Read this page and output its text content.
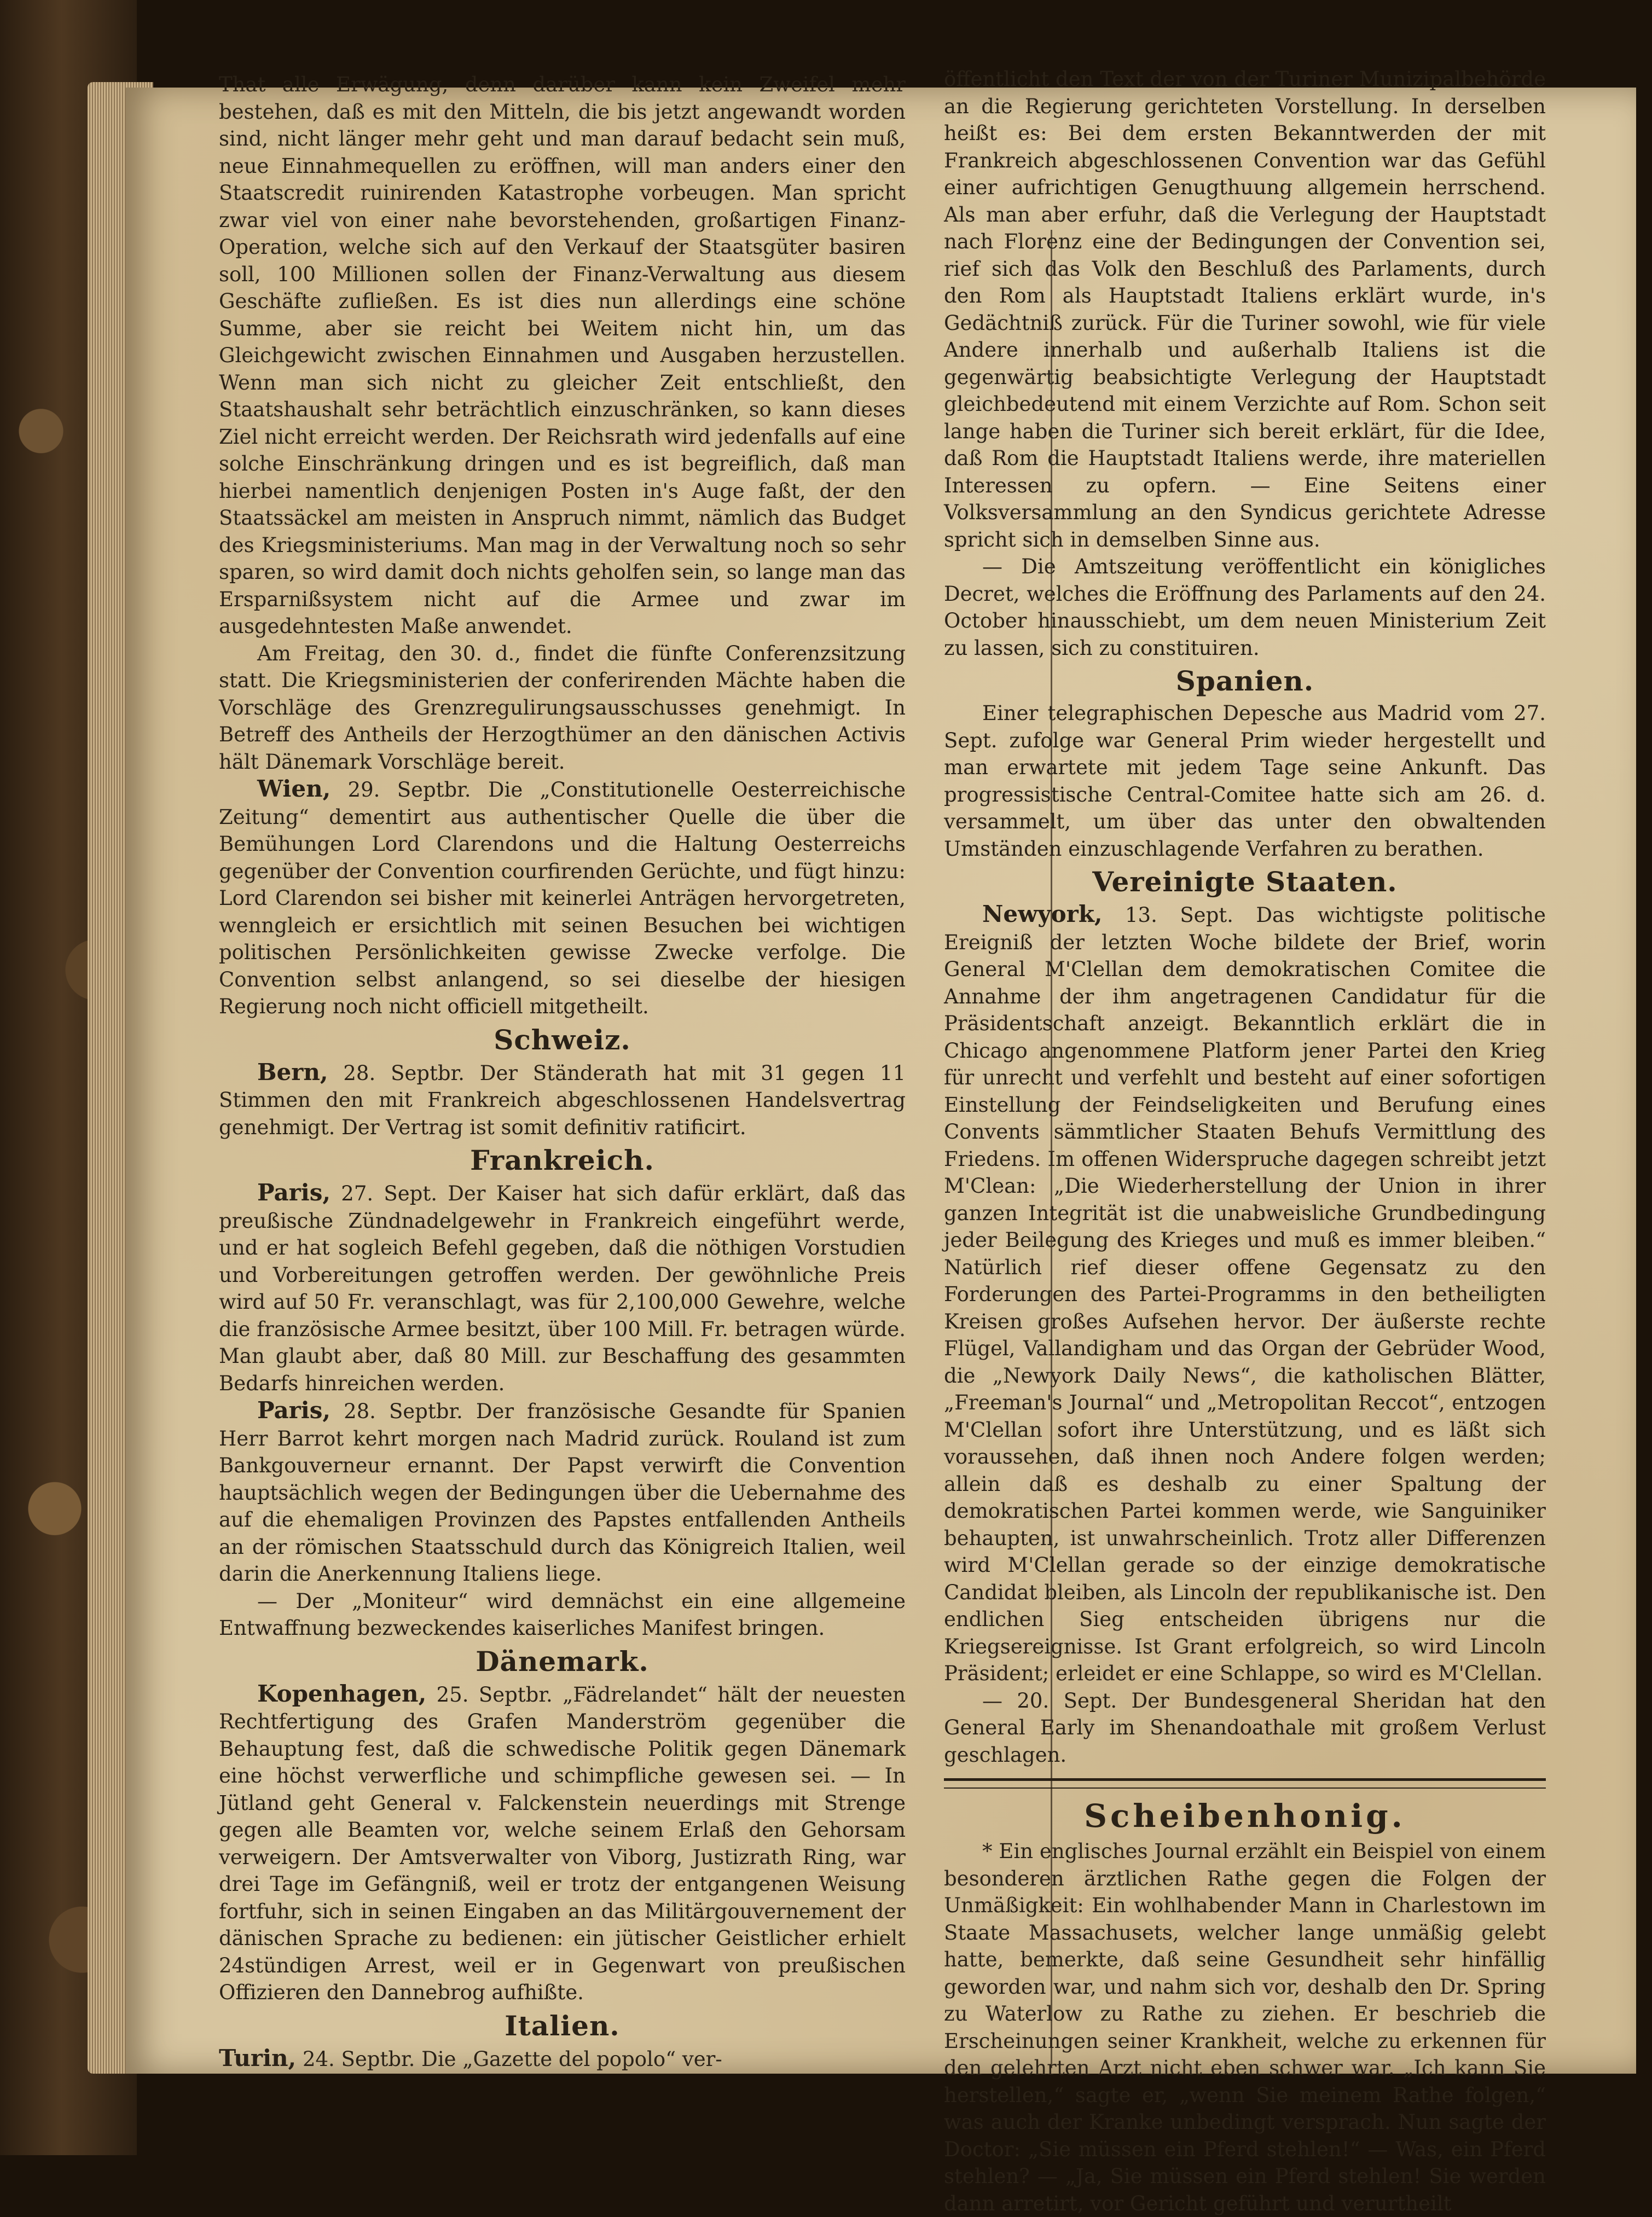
That alle Erwägung, denn darüber kann kein Zweifel mehr bestehen, daß es mit den Mitteln, die bis jetzt angewandt worden sind, nicht länger mehr geht und man darauf bedacht sein muß, neue Einnahmequellen zu eröffnen, will man anders einer den Staatscredit ruinirenden Katastrophe vorbeugen. Man spricht zwar viel von einer nahe bevorstehenden, großartigen Finanz-Operation, welche sich auf den Verkauf der Staatsgüter basiren soll, 100 Millionen sollen der Finanz-Verwaltung aus diesem Geschäfte zufließen. Es ist dies nun allerdings eine schöne Summe, aber sie reicht bei Weitem nicht hin, um das Gleichgewicht zwischen Einnahmen und Ausgaben herzustellen. Wenn man sich nicht zu gleicher Zeit entschließt, den Staatshaushalt sehr beträchtlich einzuschränken, so kann dieses Ziel nicht erreicht werden. Der Reichsrath wird jedenfalls auf eine solche Einschränkung dringen und es ist begreiflich, daß man hierbei namentlich denjenigen Posten in's Auge faßt, der den Staatssäckel am meisten in Anspruch nimmt, nämlich das Budget des Kriegsministeriums. Man mag in der Verwaltung noch so sehr sparen, so wird damit doch nichts geholfen sein, so lange man das Ersparnißsystem nicht auf die Armee und zwar im ausgedehntesten Maße anwendet.

Am Freitag, den 30. d., findet die fünfte Conferenzsitzung statt. Die Kriegsministerien der conferirenden Mächte haben die Vorschläge des Grenzregulirungsausschusses genehmigt. In Betreff des Antheils der Herzogthümer an den dänischen Activis hält Dänemark Vorschläge bereit.

Wien, 29. Septbr. Die „Constitutionelle Oesterreichische Zeitung“ dementirt aus authentischer Quelle die über die Bemühungen Lord Clarendons und die Haltung Oesterreichs gegenüber der Convention courfirenden Gerüchte, und fügt hinzu: Lord Clarendon sei bisher mit keinerlei Anträgen hervorgetreten, wenngleich er ersichtlich mit seinen Besuchen bei wichtigen politischen Persönlichkeiten gewisse Zwecke verfolge. Die Convention selbst anlangend, so sei dieselbe der hiesigen Regierung noch nicht officiell mitgetheilt.

Schweiz.

Bern, 28. Septbr. Der Ständerath hat mit 31 gegen 11 Stimmen den mit Frankreich abgeschlossenen Handelsvertrag genehmigt. Der Vertrag ist somit definitiv ratificirt.

Frankreich.

Paris, 27. Sept. Der Kaiser hat sich dafür erklärt, daß das preußische Zündnadelgewehr in Frankreich eingeführt werde, und er hat sogleich Befehl gegeben, daß die nöthigen Vorstudien und Vorbereitungen getroffen werden. Der gewöhnliche Preis wird auf 50 Fr. veranschlagt, was für 2,100,000 Gewehre, welche die französische Armee besitzt, über 100 Mill. Fr. betragen würde. Man glaubt aber, daß 80 Mill. zur Beschaffung des gesammten Bedarfs hinreichen werden.

Paris, 28. Septbr. Der französische Gesandte für Spanien Herr Barrot kehrt morgen nach Madrid zurück. Rouland ist zum Bankgouverneur ernannt. Der Papst verwirft die Convention hauptsächlich wegen der Bedingungen über die Uebernahme des auf die ehemaligen Provinzen des Papstes entfallenden Antheils an der römischen Staatsschuld durch das Königreich Italien, weil darin die Anerkennung Italiens liege.

— Der „Moniteur“ wird demnächst ein eine allgemeine Entwaffnung bezweckendes kaiserliches Manifest bringen.

Dänemark.

Kopenhagen, 25. Septbr. „Fädrelandet“ hält der neuesten Rechtfertigung des Grafen Manderström gegenüber die Behauptung fest, daß die schwedische Politik gegen Dänemark eine höchst verwerfliche und schimpfliche gewesen sei. — In Jütland geht General v. Falckenstein neuerdings mit Strenge gegen alle Beamten vor, welche seinem Erlaß den Gehorsam verweigern. Der Amtsverwalter von Viborg, Justizrath Ring, war drei Tage im Gefängniß, weil er trotz der entgangenen Weisung fortfuhr, sich in seinen Eingaben an das Militärgouvernement der dänischen Sprache zu bedienen: ein jütischer Geistlicher erhielt 24stündigen Arrest, weil er in Gegenwart von preußischen Offizieren den Dannebrog aufhißte.

Italien.

Turin, 24. Septbr. Die „Gazette del popolo“ ver-

öffentlicht den Text der von der Turiner Munizipalbehörde an die Regierung gerichteten Vorstellung. In derselben heißt es: Bei dem ersten Bekanntwerden der mit Frankreich abgeschlossenen Convention war das Gefühl einer aufrichtigen Genugthuung allgemein herrschend. Als man aber erfuhr, daß die Verlegung der Hauptstadt nach Florenz eine der Bedingungen der Convention sei, rief sich das Volk den Beschluß des Parlaments, durch den Rom als Hauptstadt Italiens erklärt wurde, in's Gedächtniß zurück. Für die Turiner sowohl, wie für viele Andere innerhalb und außerhalb Italiens ist die gegenwärtig beabsichtigte Verlegung der Hauptstadt gleichbedeutend mit einem Verzichte auf Rom. Schon seit lange haben die Turiner sich bereit erklärt, für die Idee, daß Rom die Hauptstadt Italiens werde, ihre materiellen Interessen zu opfern. — Eine Seitens einer Volksversammlung an den Syndicus gerichtete Adresse spricht sich in demselben Sinne aus.

— Die Amtszeitung veröffentlicht ein königliches Decret, welches die Eröffnung des Parlaments auf den 24. October hinausschiebt, um dem neuen Ministerium Zeit zu lassen, sich zu constituiren.

Spanien.

Einer telegraphischen Depesche aus Madrid vom 27. Sept. zufolge war General Prim wieder hergestellt und man erwartete mit jedem Tage seine Ankunft. Das progressistische Central-Comitee hatte sich am 26. d. versammelt, um über das unter den obwaltenden Umständen einzuschlagende Verfahren zu berathen.

Vereinigte Staaten.

Newyork, 13. Sept. Das wichtigste politische Ereigniß der letzten Woche bildete der Brief, worin General M'Clellan dem demokratischen Comitee die Annahme der ihm angetragenen Candidatur für die Präsidentschaft anzeigt. Bekanntlich erklärt die in Chicago angenommene Platform jener Partei den Krieg für unrecht und verfehlt und besteht auf einer sofortigen Einstellung der Feindseligkeiten und Berufung eines Convents sämmtlicher Staaten Behufs Vermittlung des Friedens. Im offenen Widerspruche dagegen schreibt jetzt M'Clean: „Die Wiederherstellung der Union in ihrer ganzen Integrität ist die unabweisliche Grundbedingung jeder Beilegung des Krieges und muß es immer bleiben.“ Natürlich rief dieser offene Gegensatz zu den Forderungen des Partei-Programms in den betheiligten Kreisen großes Aufsehen hervor. Der äußerste rechte Flügel, Vallandigham und das Organ der Gebrüder Wood, die „Newyork Daily News“, die katholischen Blätter, „Freeman's Journal“ und „Metropolitan Reccot“, entzogen M'Clellan sofort ihre Unterstützung, und es läßt sich voraussehen, daß ihnen noch Andere folgen werden; allein daß es deshalb zu einer Spaltung der demokratischen Partei kommen werde, wie Sanguiniker behaupten, ist unwahrscheinlich. Trotz aller Differenzen wird M'Clellan gerade so der einzige demokratische Candidat bleiben, als Lincoln der republikanische ist. Den endlichen Sieg entscheiden übrigens nur die Kriegsereignisse. Ist Grant erfolgreich, so wird Lincoln Präsident; erleidet er eine Schlappe, so wird es M'Clellan.

— 20. Sept. Der Bundesgeneral Sheridan hat den General Early im Shenandoathale mit großem Verlust geschlagen.

Scheibenhonig.

* Ein englisches Journal erzählt ein Beispiel von einem besonderen ärztlichen Rathe gegen die Folgen der Unmäßigkeit: Ein wohlhabender Mann in Charlestown im Staate Massachusets, welcher lange unmäßig gelebt hatte, bemerkte, daß seine Gesundheit sehr hinfällig geworden war, und nahm sich vor, deshalb den Dr. Spring zu Waterlow zu Rathe zu ziehen. Er beschrieb die Erscheinungen seiner Krankheit, welche zu erkennen für den gelehrten Arzt nicht eben schwer war. „Ich kann Sie herstellen,“ sagte er, „wenn Sie meinem Rathe folgen,“ was auch der Kranke unbedingt versprach. Nun sagte der Doctor: „Sie müssen ein Pferd stehlen!“ — Was, ein Pferd stehlen? — „Ja, Sie müssen ein Pferd stehlen! Sie werden dann arretirt, vor Gericht geführt und verurtheilt
